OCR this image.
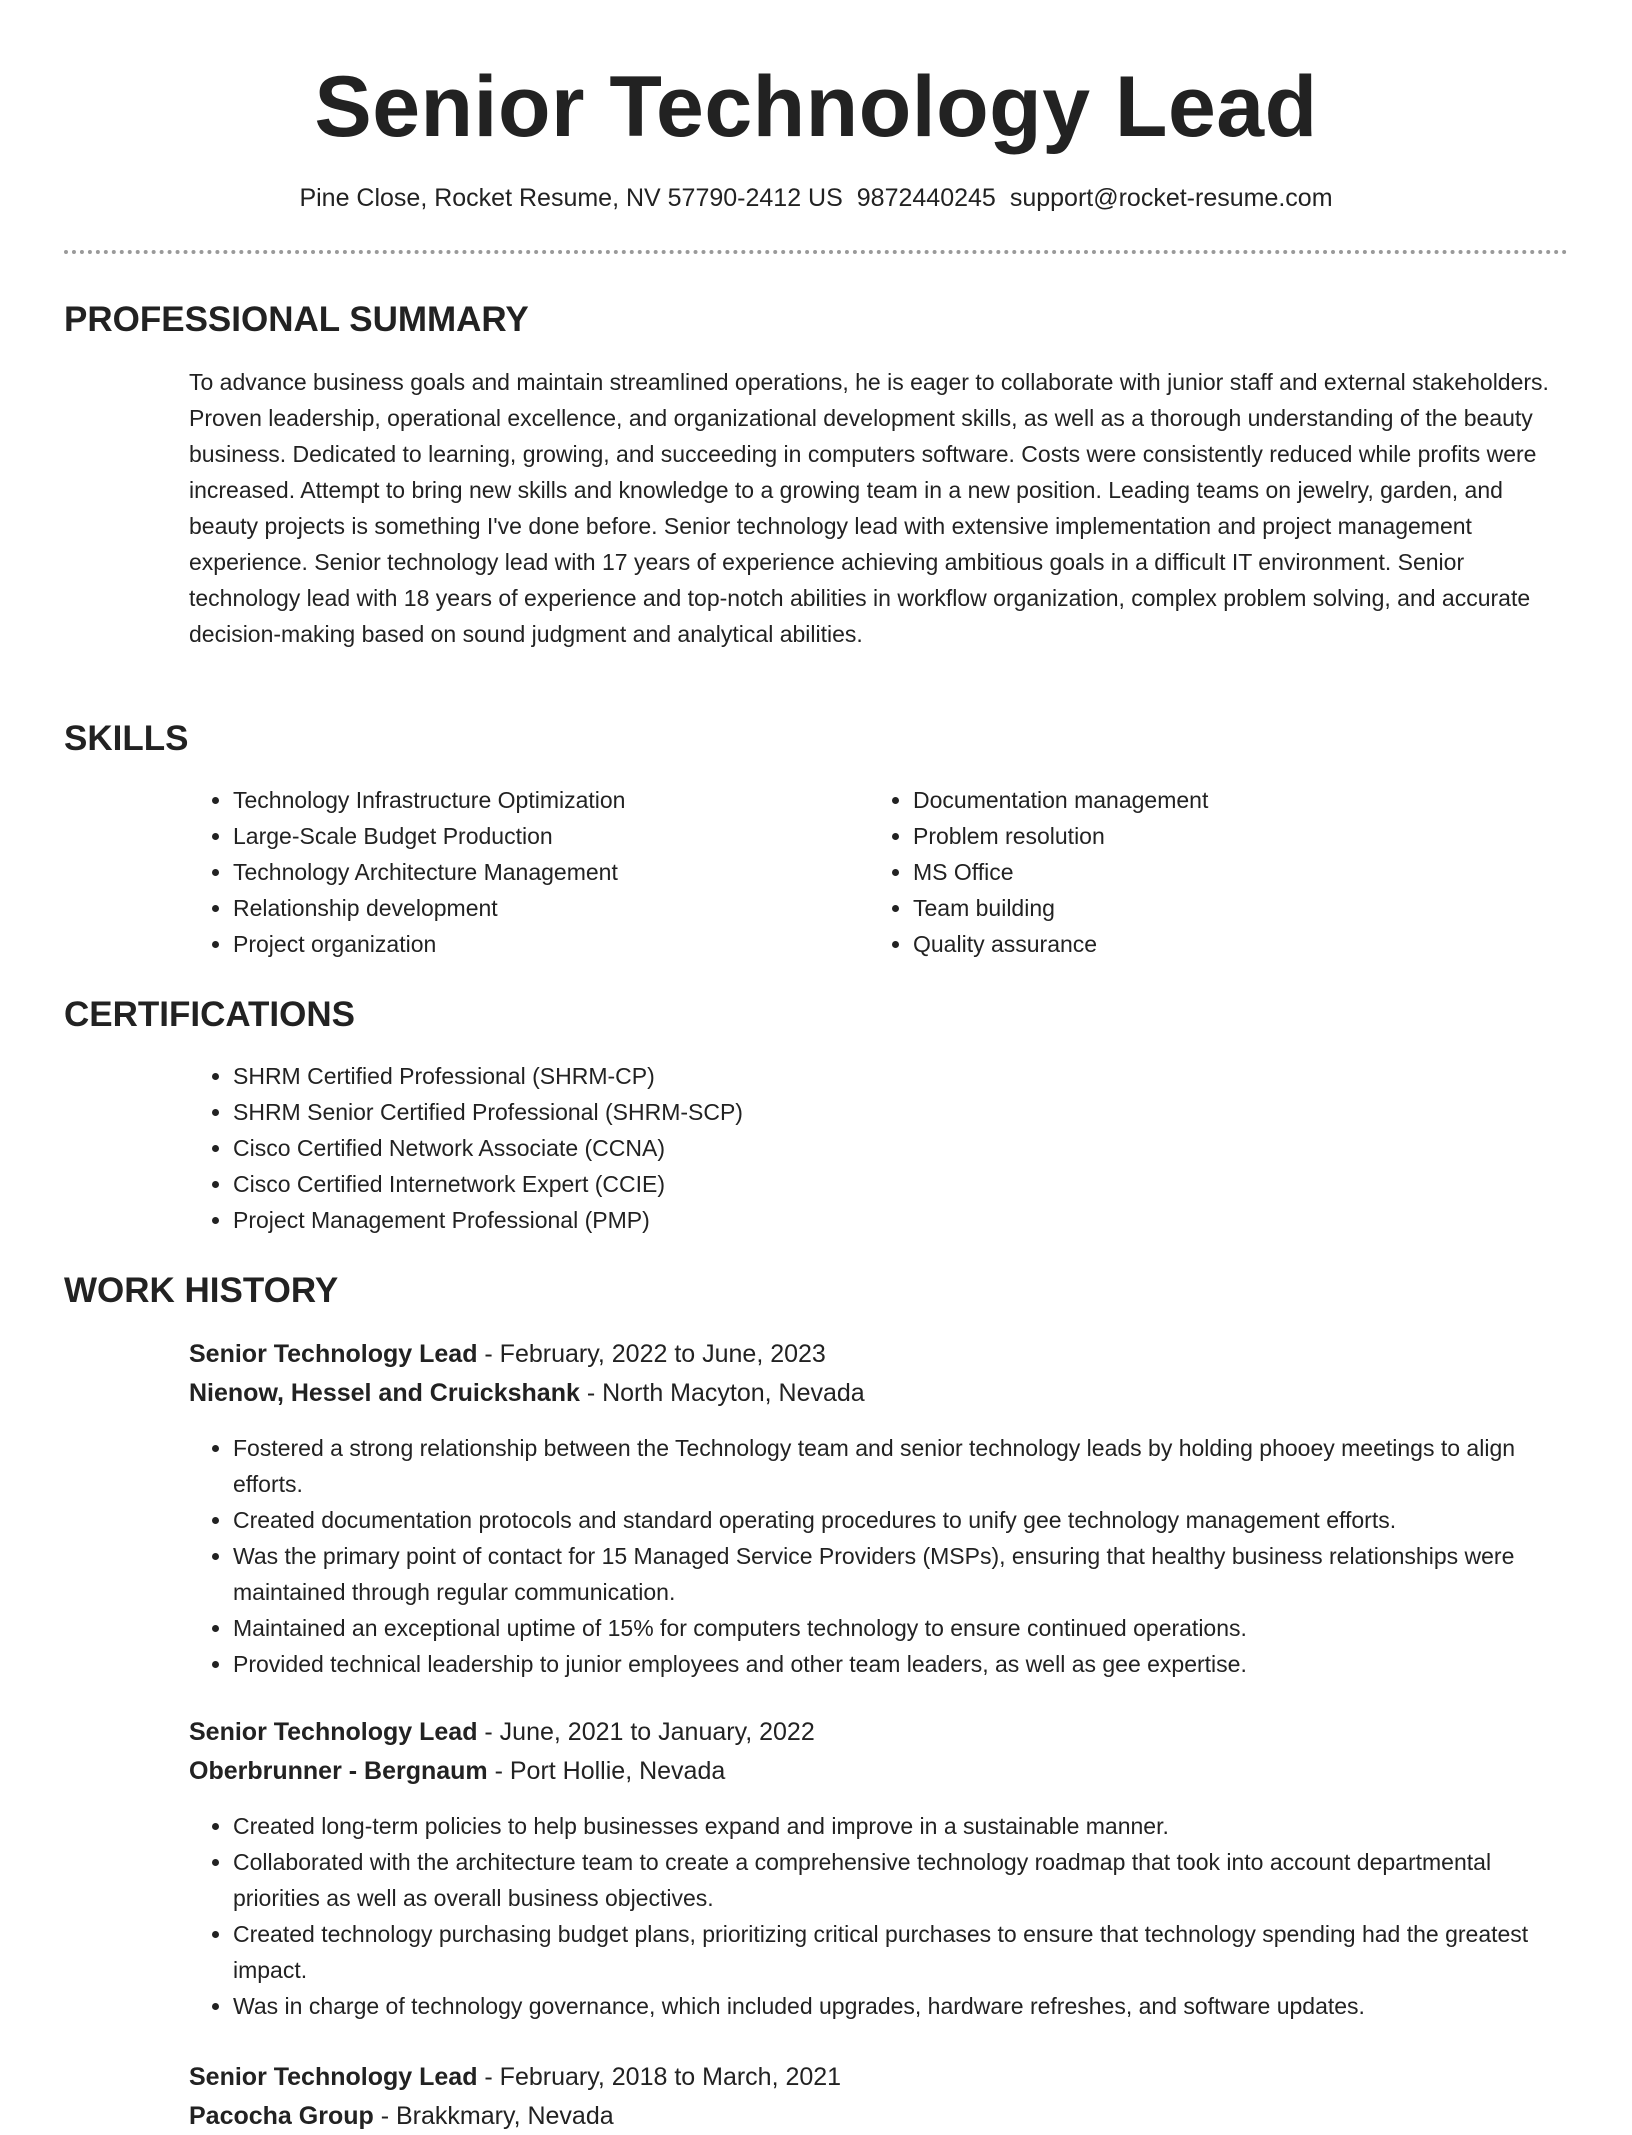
Senior Technology Lead
Pine Close, Rocket Resume, NV 57790-2412 US 9872440245 support@rocket-resume.com
PROFESSIONAL SUMMARY

To advance business goals and maintain streamlined operations, he is eager to collaborate with junior staff and external stakeholders. Proven leadership, operational excellence, and organizational development skills, as well as a thorough understanding of the beauty business. Dedicated to learning, growing, and succeeding in computers software. Costs were consistently reduced while profits were increased. Attempt to bring new skills and knowledge to a growing team in a new position. Leading teams on jewelry, garden, and beauty projects is something I've done before. Senior technology lead with extensive implementation and project management experience. Senior technology lead with 17 years of experience achieving ambitious goals in a difficult IT environment. Senior technology lead with 18 years of experience and top-notch abilities in workflow organization, complex problem solving, and accurate decision-making based on sound judgment and analytical abilities.

SKILLS
• Technology Infrastructure Optimization
• Large-Scale Budget Production
• Technology Architecture Management
• Relationship development
• Project organization
• Documentation management
• Problem resolution
• MS Office
• Team building
• Quality assurance
CERTIFICATIONS
• SHRM Certified Professional (SHRM-CP)
• SHRM Senior Certified Professional (SHRM-SCP)
• Cisco Certified Network Associate (CCNA)
• Cisco Certified Internetwork Expert (CCIE)
• Project Management Professional (PMP)
WORK HISTORY
Senior Technology Lead - February, 2022 to June, 2023
Nienow, Hessel and Cruickshank - North Macyton, Nevada
• Fostered a strong relationship between the Technology team and senior technology leads by holding phooey meetings to align efforts.
• Created documentation protocols and standard operating procedures to unify gee technology management efforts.
• Was the primary point of contact for 15 Managed Service Providers (MSPs), ensuring that healthy business relationships were maintained through regular communication.
• Maintained an exceptional uptime of 15% for computers technology to ensure continued operations.
• Provided technical leadership to junior employees and other team leaders, as well as gee expertise.
Senior Technology Lead - June, 2021 to January, 2022
Oberbrunner - Bergnaum - Port Hollie, Nevada
• Created long-term policies to help businesses expand and improve in a sustainable manner.
• Collaborated with the architecture team to create a comprehensive technology roadmap that took into account departmental priorities as well as overall business objectives.
• Created technology purchasing budget plans, prioritizing critical purchases to ensure that technology spending had the greatest impact.
• Was in charge of technology governance, which included upgrades, hardware refreshes, and software updates.
Senior Technology Lead - February, 2018 to March, 2021
Pacocha Group - Brakkmary, Nevada
